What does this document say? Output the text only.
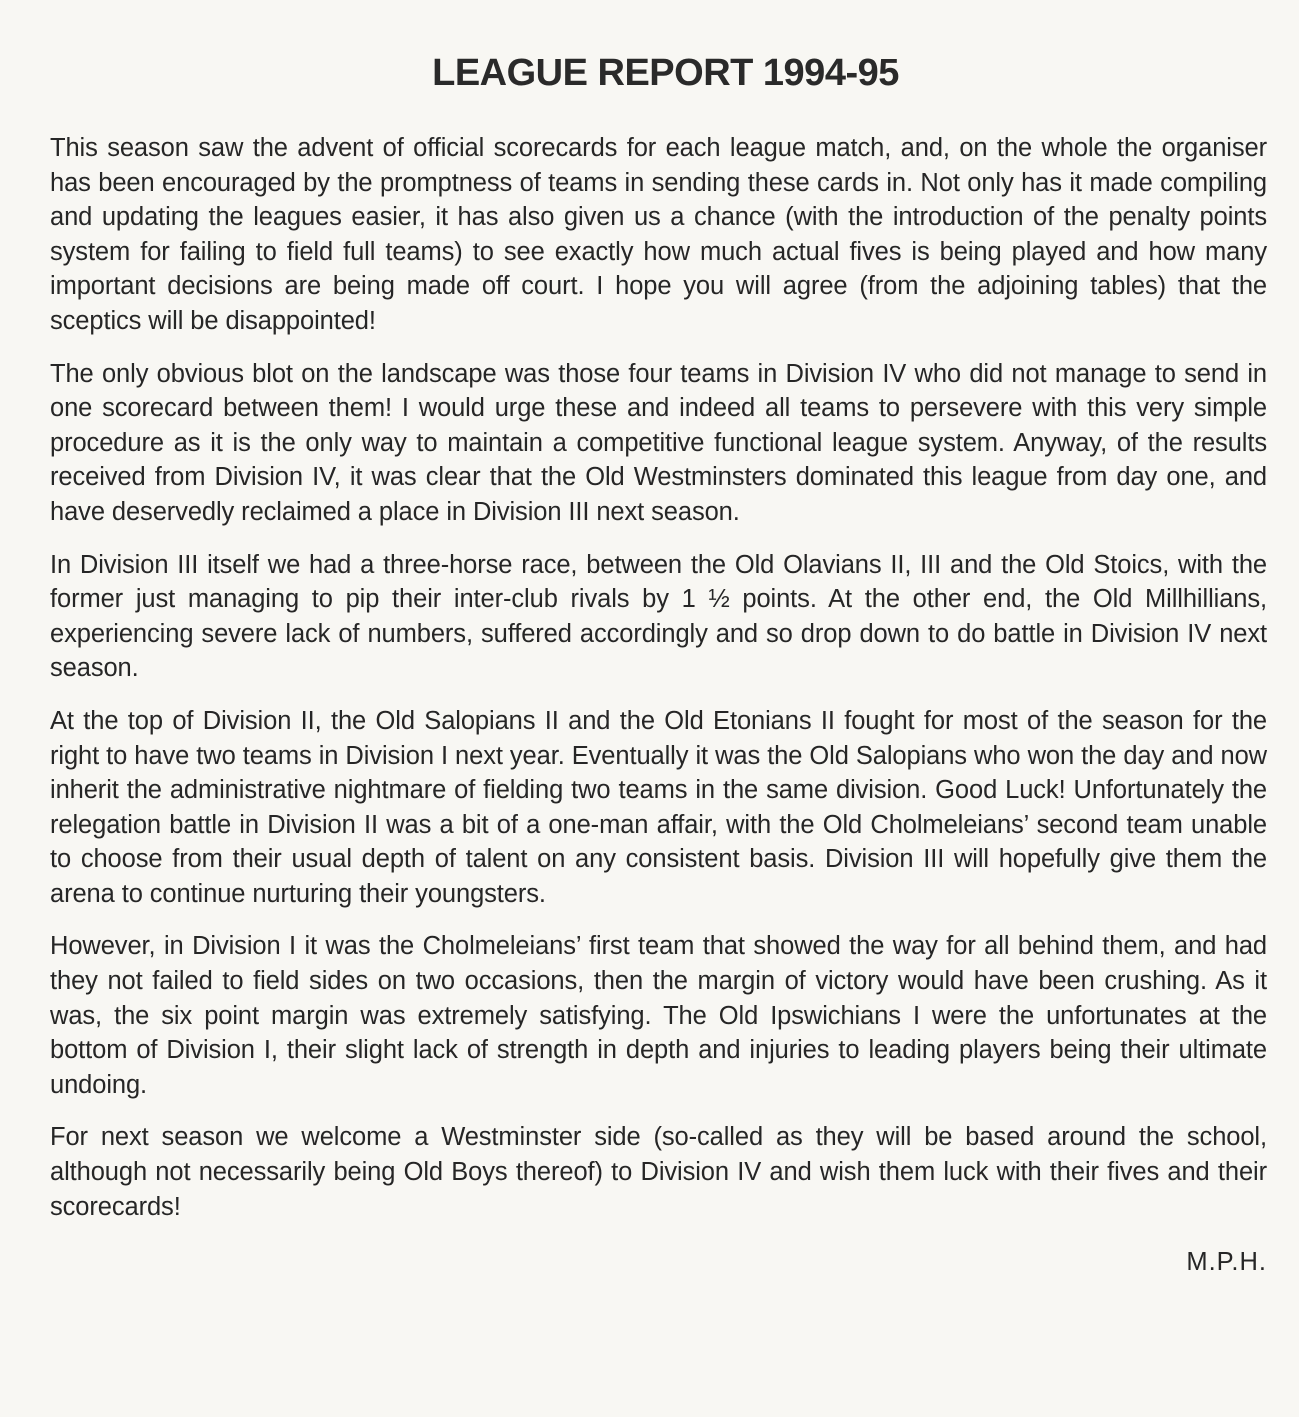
LEAGUE REPORT 1994-95

This season saw the advent of official scorecards for each league match, and, on the whole the organiser has been encouraged by the promptness of teams in sending these cards in. Not only has it made compiling and updating the leagues easier, it has also given us a chance (with the introduction of the penalty points system for failing to field full teams) to see exactly how much actual fives is being played and how many important decisions are being made off court. I hope you will agree (from the adjoining tables) that the sceptics will be disappointed!

The only obvious blot on the landscape was those four teams in Division IV who did not manage to send in one scorecard between them! I would urge these and indeed all teams to persevere with this very simple procedure as it is the only way to maintain a competitive functional league system. Anyway, of the results received from Division IV, it was clear that the Old Westminsters dominated this league from day one, and have deservedly reclaimed a place in Division III next season.

In Division III itself we had a three-horse race, between the Old Olavians II, III and the Old Stoics, with the former just managing to pip their inter-club rivals by 1 ½ points. At the other end, the Old Millhillians, experiencing severe lack of numbers, suffered accordingly and so drop down to do battle in Division IV next season.

At the top of Division II, the Old Salopians II and the Old Etonians II fought for most of the season for the right to have two teams in Division I next year. Eventually it was the Old Salopians who won the day and now inherit the administrative nightmare of fielding two teams in the same division. Good Luck! Unfortunately the relegation battle in Division II was a bit of a one-man affair, with the Old Cholmeleians’ second team unable to choose from their usual depth of talent on any consistent basis. Division III will hopefully give them the arena to continue nurturing their youngsters.

However, in Division I it was the Cholmeleians’ first team that showed the way for all behind them, and had they not failed to field sides on two occasions, then the margin of victory would have been crushing. As it was, the six point margin was extremely satisfying. The Old Ipswichians I were the unfortunates at the bottom of Division I, their slight lack of strength in depth and injuries to leading players being their ultimate undoing.

For next season we welcome a Westminster side (so-called as they will be based around the school, although not necessarily being Old Boys thereof) to Division IV and wish them luck with their fives and their scorecards!

M.P.H.
